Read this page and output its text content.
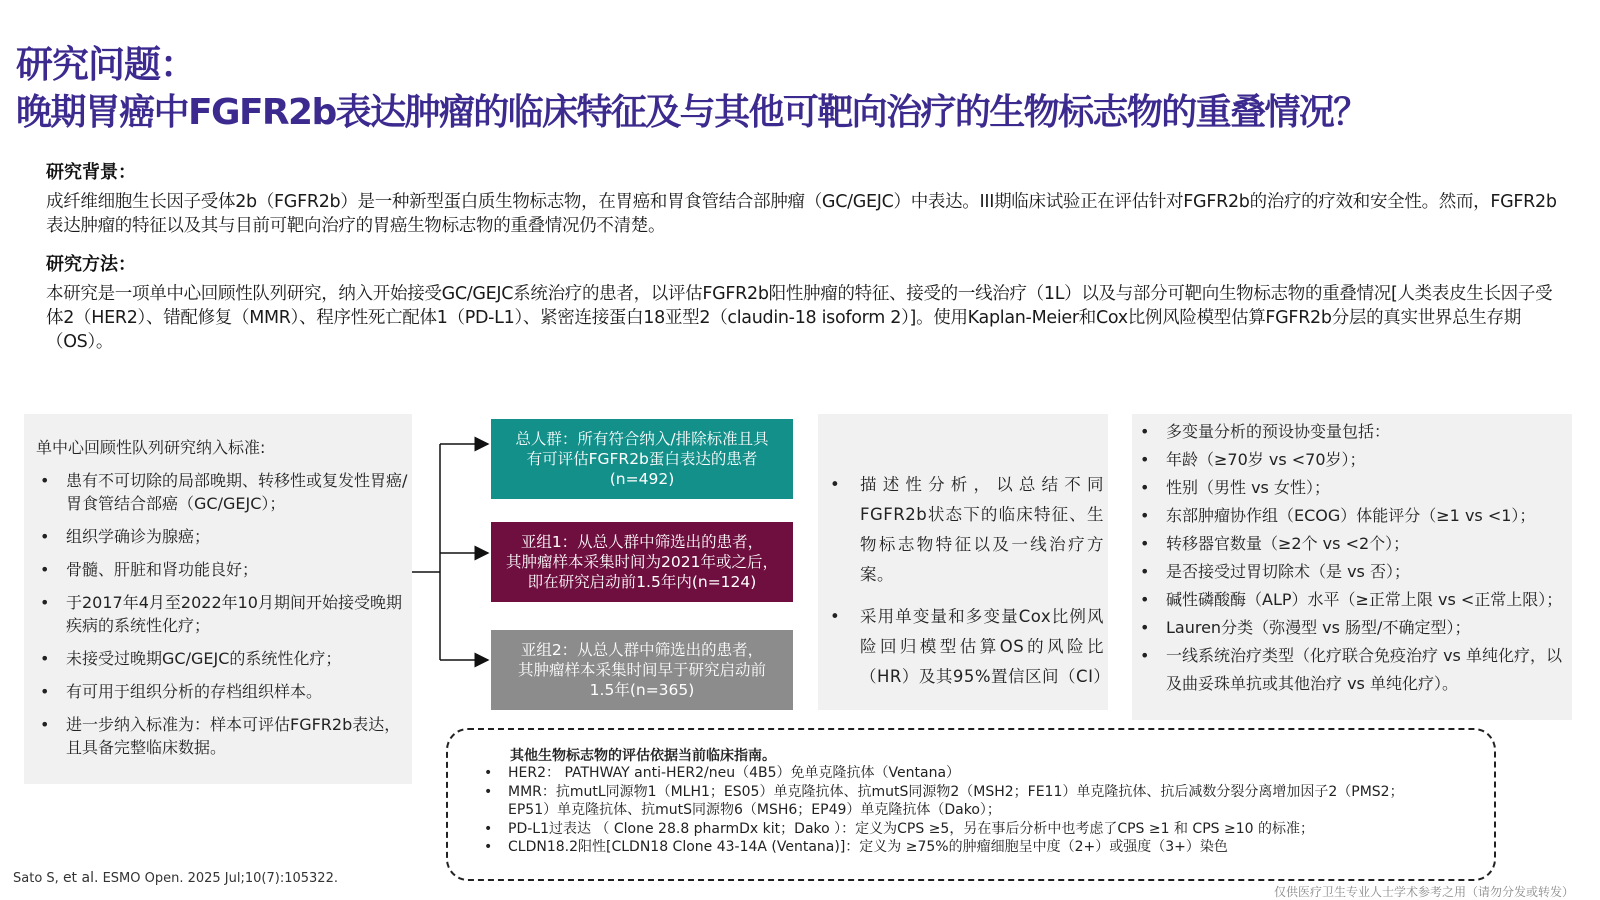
研究问题：
晚期胃癌中FGFR2b表达肿瘤的临床特征及与其他可靶向治疗的生物标志物的重叠情况？
研究背景：

成纤维细胞生长因子受体2b（FGFR2b）是一种新型蛋白质生物标志物，在胃癌和胃食管结合部肿瘤（GC/GEJC）中表达。III期临床试验正在评估针对FGFR2b的治疗的疗效和安全性。然而，FGFR2b表达肿瘤的特征以及其与目前可靶向治疗的胃癌生物标志物的重叠情况仍不清楚。

研究方法：

本研究是一项单中心回顾性队列研究，纳入开始接受GC/GEJC系统治疗的患者，以评估FGFR2b阳性肿瘤的特征、接受的一线治疗（1L）以及与部分可靶向生物标志物的重叠情况[人类表皮生长因子受体2（HER2）、错配修复（MMR）、程序性死亡配体1（PD-L1）、紧密连接蛋白18亚型2（claudin-18 isoform 2）]。使用Kaplan-Meier和Cox比例风险模型估算FGFR2b分层的真实世界总生存期（OS）。

单中心回顾性队列研究纳入标准:
• 患有不可切除的局部晚期、转移性或复发性胃癌/胃食管结合部癌（GC/GEJC）；
• 组织学确诊为腺癌；
• 骨髓、肝脏和肾功能良好；
• 于2017年4月至2022年10月期间开始接受晚期疾病的系统性化疗；
• 未接受过晚期GC/GEJC的系统性化疗；
• 有可用于组织分析的存档组织样本。
• 进一步纳入标准为：样本可评估FGFR2b表达，且具备完整临床数据。
总人群：所有符合纳入/排除标准且具
有可评估FGFR2b蛋白表达的患者
(n=492)
亚组1：从总人群中筛选出的患者，
其肿瘤样本采集时间为2021年或之后，
即在研究启动前1.5年内(n=124)
亚组2：从总人群中筛选出的患者，
其肿瘤样本采集时间早于研究启动前
1.5年(n=365)
• 描述性分析，以总结不同FGFR2b状态下的临床特征、生物标志物特征以及一线治疗方案。
• 采用单变量和多变量Cox比例风险回归模型估算OS的风险比（HR）及其95%置信区间（CI）
• 多变量分析的预设协变量包括：
• 年龄（≥70岁 vs <70岁）；
• 性别（男性 vs 女性）；
• 东部肿瘤协作组（ECOG）体能评分（≥1 vs <1）；
• 转移器官数量（≥2个 vs <2个）；
• 是否接受过胃切除术（是 vs 否）；
• 碱性磷酸酶（ALP）水平（≥正常上限 vs <正常上限）；
• Lauren分类（弥漫型 vs 肠型/不确定型）；
• 一线系统治疗类型（化疗联合免疫治疗 vs 单纯化疗，以及曲妥珠单抗或其他治疗 vs 单纯化疗）。
其他生物标志物的评估依据当前临床指南。
• HER2： PATHWAY anti-HER2/neu（4B5）免单克隆抗体（Ventana）
• MMR：抗mutL同源物1（MLH1；ES05）单克隆抗体、抗mutS同源物2（MSH2；FE11）单克隆抗体、抗后减数分裂分离增加因子2（PMS2；EP51）单克隆抗体、抗mutS同源物6（MSH6；EP49）单克隆抗体（Dako）；
• PD-L1过表达 （ Clone 28.8 pharmDx kit；Dako ）：定义为CPS ≥5，另在事后分析中也考虑了CPS ≥1 和 CPS ≥10 的标准；
• CLDN18.2阳性[CLDN18 Clone 43-14A (Ventana)]：定义为 ≥75%的肿瘤细胞呈中度（2+）或强度（3+）染色
Sato S, et al. ESMO Open. 2025 Jul;10(7):105322.
仅供医疗卫生专业人士学术参考之用（请勿分发或转发）
